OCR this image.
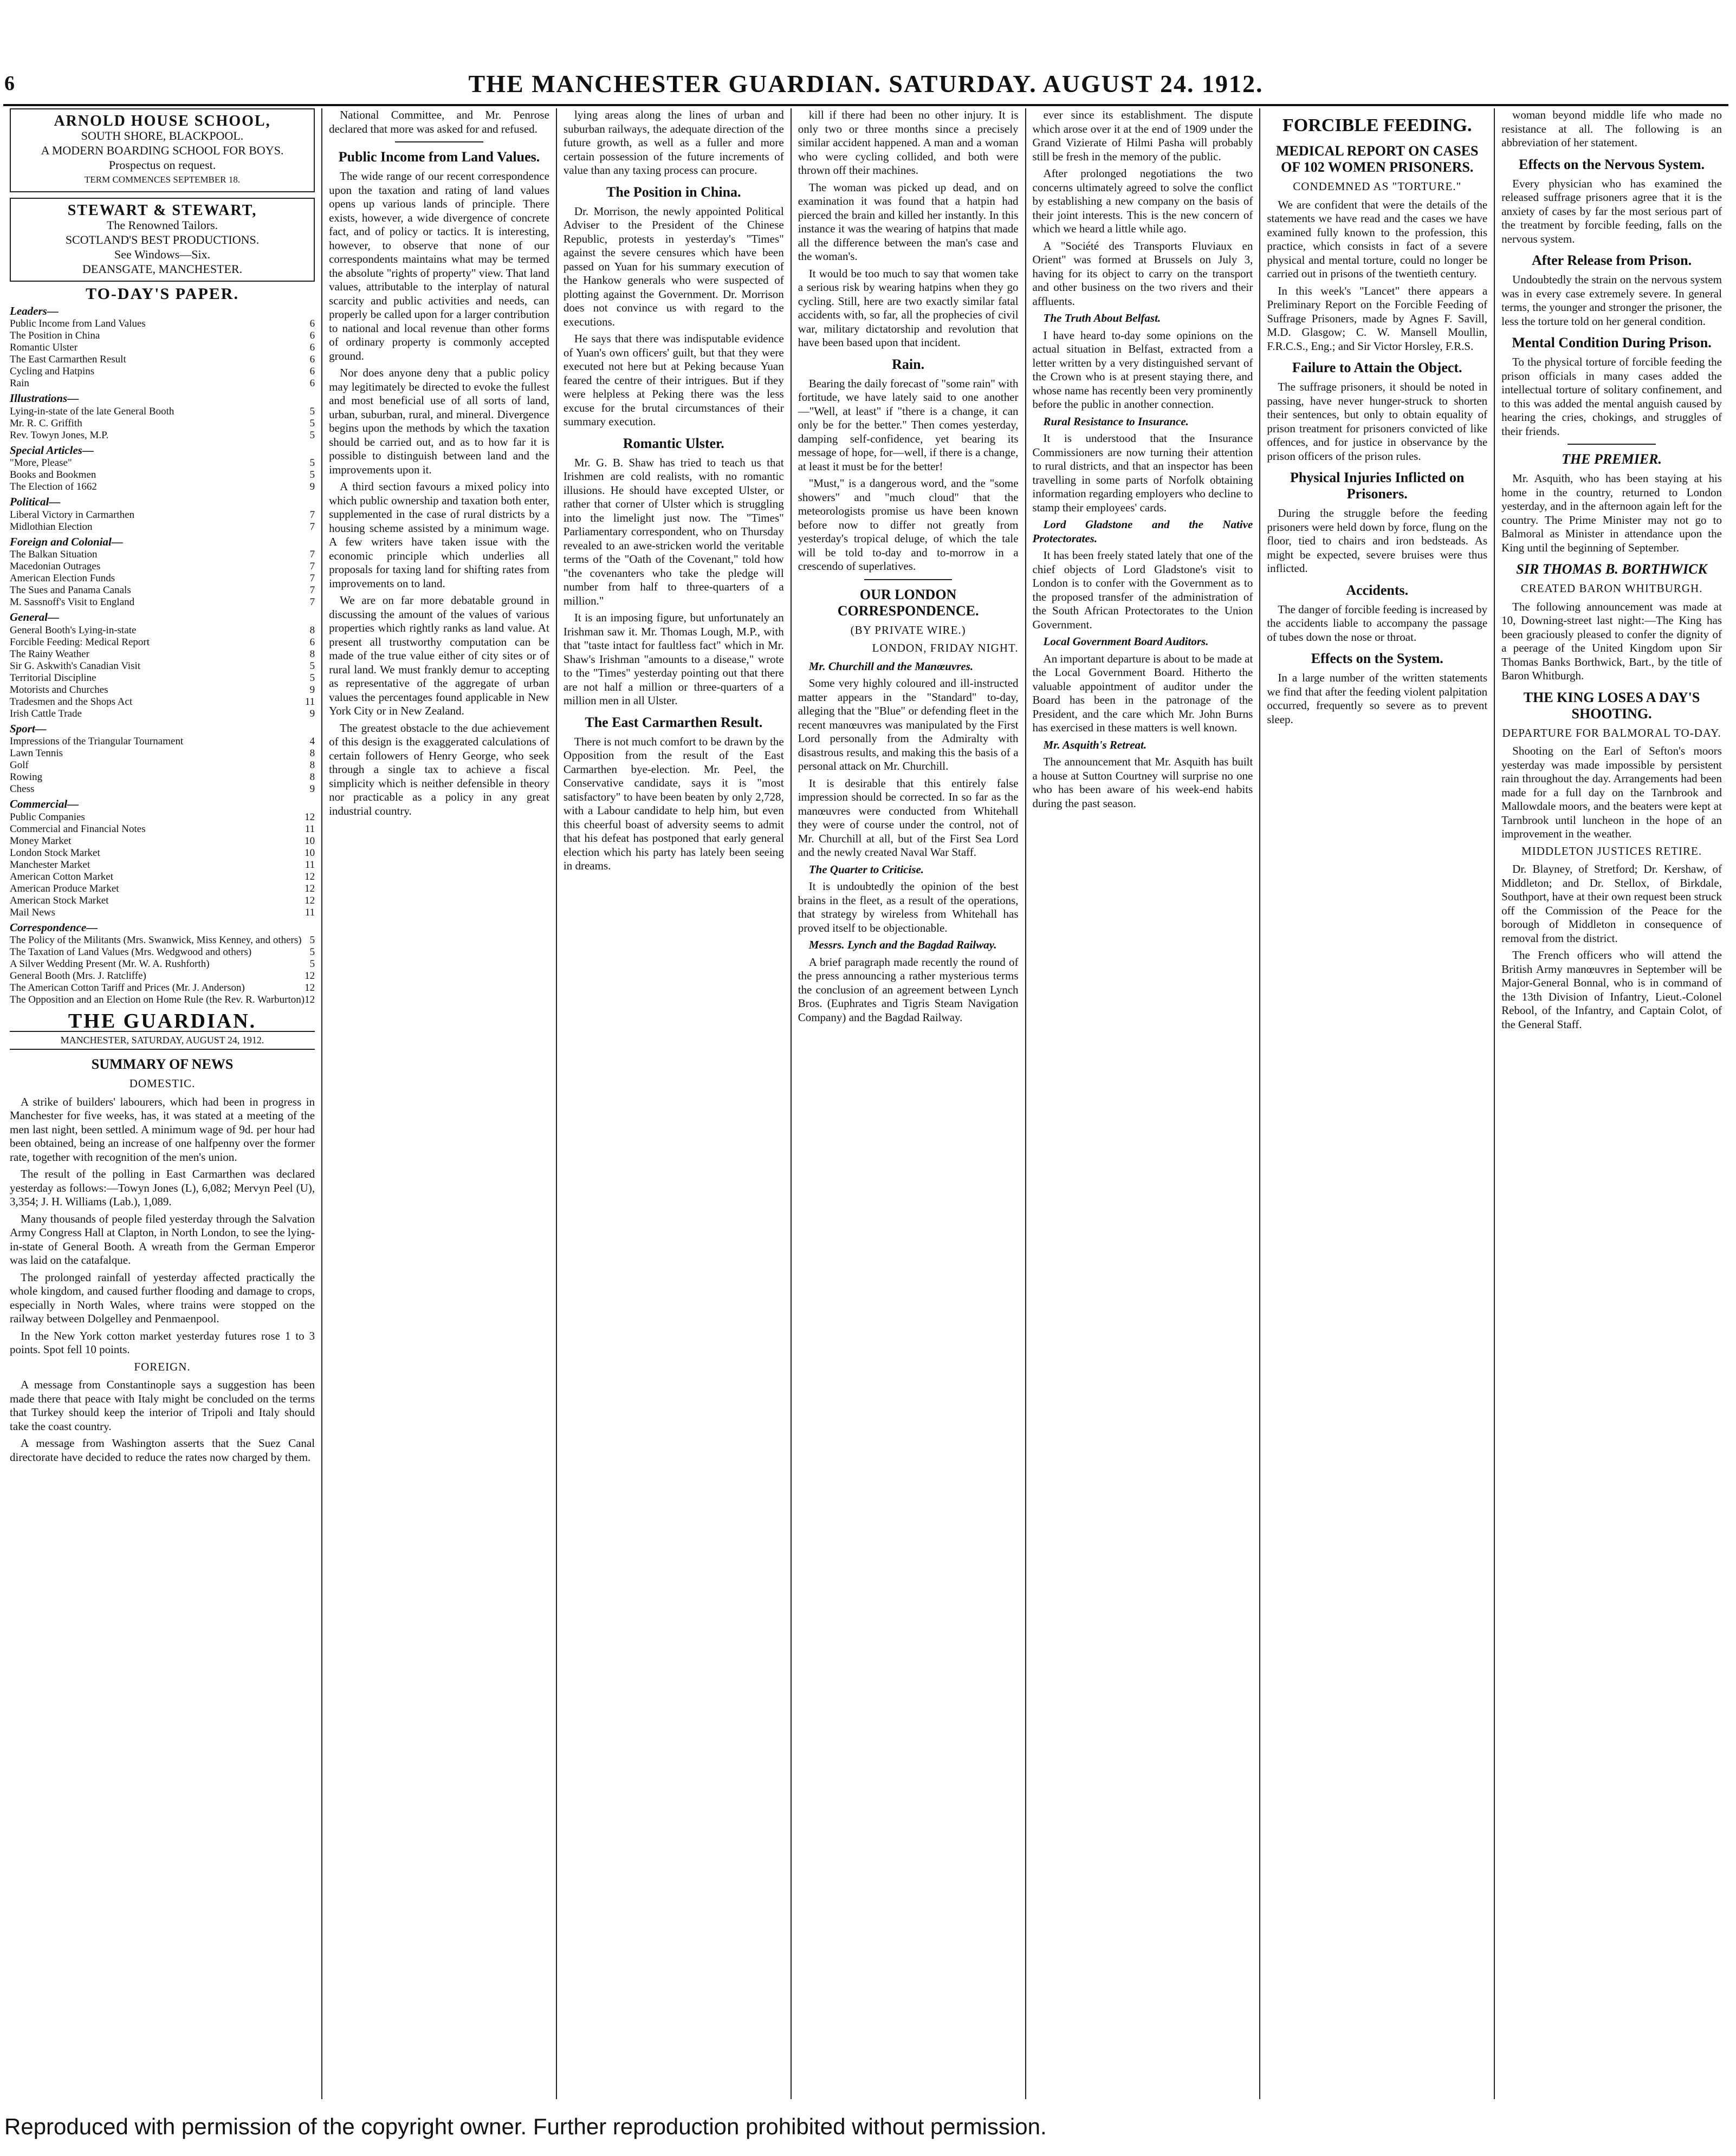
6	THE MANCHESTER GUARDIAN. SATURDAY. AUGUST 24. 1912.
ARNOLD HOUSE SCHOOL,
SOUTH SHORE, BLACKPOOL.
A MODERN BOARDING SCHOOL FOR BOYS.
Prospectus on request.
TERM COMMENCES SEPTEMBER 18.
STEWART & STEWART,
The Renowned Tailors.
SCOTLAND'S BEST PRODUCTIONS.
See Windows—Six.
DEANSGATE, MANCHESTER.
TO-DAY'S PAPER.
Leaders—
Public Income from Land Values	6
The Position in China	6
Romantic Ulster	6
The East Carmarthen Result	6
Cycling and Hatpins	6
Rain	6
Illustrations—
Lying-in-state of the late General Booth	5
Mr. R. C. Griffith	5
Rev. Towyn Jones, M.P.	5
Special Articles—
"More, Please"	5
Books and Bookmen	5
The Election of 1662	9
Political—
Liberal Victory in Carmarthen	7
Midlothian Election	7
Foreign and Colonial—
The Balkan Situation	7
Macedonian Outrages	7
American Election Funds	7
The Sues and Panama Canals	7
M. Sassnoff's Visit to England	7
General—
General Booth's Lying-in-state	8
Forcible Feeding: Medical Report	6
The Rainy Weather	8
Sir G. Askwith's Canadian Visit	5
Territorial Discipline	5
Motorists and Churches	9
Tradesmen and the Shops Act	11
Irish Cattle Trade	9
Sport—
Impressions of the Triangular Tournament	4
Lawn Tennis	8
Golf	8
Rowing	8
Chess	9
Commercial—
Public Companies	12
Commercial and Financial Notes	11
Money Market	10
London Stock Market	10
Manchester Market	11
American Cotton Market	12
American Produce Market	12
American Stock Market	12
Mail News	11
Correspondence—
The Policy of the Militants (Mrs. Swanwick, Miss Kenney, and others) 5
The Taxation of Land Values (Mrs. Wedgwood and others)	5
A Silver Wedding Present (Mr. W. A. Rushforth)	5
General Booth (Mrs. J. Ratcliffe)	12
The American Cotton Tariff and Prices (Mr. J. Anderson)	12
The Opposition and an Election on Home Rule (the Rev. R. Warburton) 12
THE GUARDIAN.
MANCHESTER, SATURDAY, AUGUST 24, 1912.
SUMMARY OF NEWS
DOMESTIC.

A strike of builders' labourers, which had been in progress in Manchester for five weeks, has, it was stated at a meeting of the men last night, been settled. A minimum wage of 9d. per hour had been obtained, being an increase of one halfpenny over the former rate, together with recognition of the men's union.

The result of the polling in East Carmarthen was declared yesterday as follows:—Towyn Jones (L), 6,082; Mervyn Peel (U), 3,354; J. H. Williams (Lab.), 1,089.

Many thousands of people filed yesterday through the Salvation Army Congress Hall at Clapton, in North London, to see the lying-in-state of General Booth. A wreath from the German Emperor was laid on the catafalque.

The prolonged rainfall of yesterday affected practically the whole kingdom, and caused further flooding and damage to crops, especially in North Wales, where trains were stopped on the railway between Dolgelley and Penmaenpool.

In the New York cotton market yesterday futures rose 1 to 3 points. Spot fell 10 points.

FOREIGN.

A message from Constantinople says a suggestion has been made there that peace with Italy might be concluded on the terms that Turkey should keep the interior of Tripoli and Italy should take the coast country.

A message from Washington asserts that the Suez Canal directorate have decided to reduce the rates now charged by them.

National Committee, and Mr. Penrose declared that more was asked for and refused.

Public Income from Land Values.

The wide range of our recent correspondence upon the taxation and rating of land values opens up various lands of principle. There exists, however, a wide divergence of concrete fact, and of policy or tactics. It is interesting, however, to observe that none of our correspondents maintains what may be termed the absolute "rights of property" view. That land values, attributable to the interplay of natural scarcity and public activities and needs, can properly be called upon for a larger contribution to national and local revenue than other forms of ordinary property is commonly accepted ground.

Nor does anyone deny that a public policy may legitimately be directed to evoke the fullest and most beneficial use of all sorts of land, urban, suburban, rural, and mineral. Divergence begins upon the methods by which the taxation should be carried out, and as to how far it is possible to distinguish between land and the improvements upon it.

A third section favours a mixed policy into which public ownership and taxation both enter, supplemented in the case of rural districts by a housing scheme assisted by a minimum wage. A few writers have taken issue with the economic principle which underlies all proposals for taxing land for shifting rates from improvements on to land.

We are on far more debatable ground in discussing the amount of the values of various properties which rightly ranks as land value. At present all trustworthy computation can be made of the true value either of city sites or of rural land. We must frankly demur to accepting as representative of the aggregate of urban values the percentages found applicable in New York City or in New Zealand.

The greatest obstacle to the due achievement of this design is the exaggerated calculations of certain followers of Henry George, who seek through a single tax to achieve a fiscal simplicity which is neither defensible in theory nor practicable as a policy in any great industrial country.

lying areas along the lines of urban and suburban railways, the adequate direction of the future growth, as well as a fuller and more certain possession of the future increments of value than any taxing process can procure.

The Position in China.

Dr. Morrison, the newly appointed Political Adviser to the President of the Chinese Republic, protests in yesterday's "Times" against the severe censures which have been passed on Yuan for his summary execution of the Hankow generals who were suspected of plotting against the Government. Dr. Morrison does not convince us with regard to the executions.

He says that there was indisputable evidence of Yuan's own officers' guilt, but that they were executed not here but at Peking because Yuan feared the centre of their intrigues. But if they were helpless at Peking there was the less excuse for the brutal circumstances of their summary execution.

Romantic Ulster.

Mr. G. B. Shaw has tried to teach us that Irishmen are cold realists, with no romantic illusions. He should have excepted Ulster, or rather that corner of Ulster which is struggling into the limelight just now. The "Times" Parliamentary correspondent, who on Thursday revealed to an awe-stricken world the veritable terms of the "Oath of the Covenant," told how "the covenanters who take the pledge will number from half to three-quarters of a million."

It is an imposing figure, but unfortunately an Irishman saw it. Mr. Thomas Lough, M.P., with that "taste intact for faultless fact" which in Mr. Shaw's Irishman "amounts to a disease," wrote to the "Times" yesterday pointing out that there are not half a million or three-quarters of a million men in all Ulster.

The East Carmarthen Result.

There is not much comfort to be drawn by the Opposition from the result of the East Carmarthen bye-election. Mr. Peel, the Conservative candidate, says it is "most satisfactory" to have been beaten by only 2,728, with a Labour candidate to help him, but even this cheerful boast of adversity seems to admit that his defeat has postponed that early general election which his party has lately been seeing in dreams.

kill if there had been no other injury. It is only two or three months since a precisely similar accident happened. A man and a woman who were cycling collided, and both were thrown off their machines.

The woman was picked up dead, and on examination it was found that a hatpin had pierced the brain and killed her instantly. In this instance it was the wearing of hatpins that made all the difference between the man's case and the woman's.

It would be too much to say that women take a serious risk by wearing hatpins when they go cycling. Still, here are two exactly similar fatal accidents with, so far, all the prophecies of civil war, military dictatorship and revolution that have been based upon that incident.

Rain.

Bearing the daily forecast of "some rain" with fortitude, we have lately said to one another—"Well, at least" if "there is a change, it can only be for the better." Then comes yesterday, damping self-confidence, yet bearing its message of hope, for—well, if there is a change, at least it must be for the better!

"Must," is a dangerous word, and the "some showers" and "much cloud" that the meteorologists promise us have been known before now to differ not greatly from yesterday's tropical deluge, of which the tale will be told to-day and to-morrow in a crescendo of superlatives.

OUR LONDON CORRESPONDENCE.
(BY PRIVATE WIRE.)
LONDON, FRIDAY NIGHT.

Mr. Churchill and the Manœuvres.

Some very highly coloured and ill-instructed matter appears in the "Standard" to-day, alleging that the "Blue" or defending fleet in the recent manœuvres was manipulated by the First Lord personally from the Admiralty with disastrous results, and making this the basis of a personal attack on Mr. Churchill.

It is desirable that this entirely false impression should be corrected. In so far as the manœuvres were conducted from Whitehall they were of course under the control, not of Mr. Churchill at all, but of the First Sea Lord and the newly created Naval War Staff.

The Quarter to Criticise.

It is undoubtedly the opinion of the best brains in the fleet, as a result of the operations, that strategy by wireless from Whitehall has proved itself to be objectionable.

Messrs. Lynch and the Bagdad Railway.

A brief paragraph made recently the round of the press announcing a rather mysterious terms the conclusion of an agreement between Lynch Bros. (Euphrates and Tigris Steam Navigation Company) and the Bagdad Railway.

ever since its establishment. The dispute which arose over it at the end of 1909 under the Grand Vizierate of Hilmi Pasha will probably still be fresh in the memory of the public.

After prolonged negotiations the two concerns ultimately agreed to solve the conflict by establishing a new company on the basis of their joint interests. This is the new concern of which we heard a little while ago.

A "Société des Transports Fluviaux en Orient" was formed at Brussels on July 3, having for its object to carry on the transport and other business on the two rivers and their affluents.

The Truth About Belfast.

I have heard to-day some opinions on the actual situation in Belfast, extracted from a letter written by a very distinguished servant of the Crown who is at present staying there, and whose name has recently been very prominently before the public in another connection.

Rural Resistance to Insurance.

It is understood that the Insurance Commissioners are now turning their attention to rural districts, and that an inspector has been travelling in some parts of Norfolk obtaining information regarding employers who decline to stamp their employees' cards.

Lord Gladstone and the Native Protectorates.

It has been freely stated lately that one of the chief objects of Lord Gladstone's visit to London is to confer with the Government as to the proposed transfer of the administration of the South African Protectorates to the Union Government.

Local Government Board Auditors.

An important departure is about to be made at the Local Government Board. Hitherto the valuable appointment of auditor under the Board has been in the patronage of the President, and the care which Mr. John Burns has exercised in these matters is well known.

Mr. Asquith's Retreat.

The announcement that Mr. Asquith has built a house at Sutton Courtney will surprise no one who has been aware of his week-end habits during the past season.

FORCIBLE FEEDING.
MEDICAL REPORT ON CASES OF 102 WOMEN PRISONERS.
CONDEMNED AS "TORTURE."

We are confident that were the details of the statements we have read and the cases we have examined fully known to the profession, this practice, which consists in fact of a severe physical and mental torture, could no longer be carried out in prisons of the twentieth century.

In this week's "Lancet" there appears a Preliminary Report on the Forcible Feeding of Suffrage Prisoners, made by Agnes F. Savill, M.D. Glasgow; C. W. Mansell Moullin, F.R.C.S., Eng.; and Sir Victor Horsley, F.R.S.

Failure to Attain the Object.

The suffrage prisoners, it should be noted in passing, have never hunger-struck to shorten their sentences, but only to obtain equality of prison treatment for prisoners convicted of like offences, and for justice in observance by the prison officers of the prison rules.

Physical Injuries Inflicted on Prisoners.

During the struggle before the feeding prisoners were held down by force, flung on the floor, tied to chairs and iron bedsteads. As might be expected, severe bruises were thus inflicted.

Accidents.

The danger of forcible feeding is increased by the accidents liable to accompany the passage of tubes down the nose or throat.

Effects on the System.

In a large number of the written statements we find that after the feeding violent palpitation occurred, frequently so severe as to prevent sleep.

woman beyond middle life who made no resistance at all. The following is an abbreviation of her statement.

Effects on the Nervous System.

Every physician who has examined the released suffrage prisoners agree that it is the anxiety of cases by far the most serious part of the treatment by forcible feeding, falls on the nervous system.

After Release from Prison.

Undoubtedly the strain on the nervous system was in every case extremely severe. In general terms, the younger and stronger the prisoner, the less the torture told on her general condition.

Mental Condition During Prison.

To the physical torture of forcible feeding the prison officials in many cases added the intellectual torture of solitary confinement, and to this was added the mental anguish caused by hearing the cries, chokings, and struggles of their friends.

THE PREMIER.

Mr. Asquith, who has been staying at his home in the country, returned to London yesterday, and in the afternoon again left for the country. The Prime Minister may not go to Balmoral as Minister in attendance upon the King until the beginning of September.

SIR THOMAS B. BORTHWICK
CREATED BARON WHITBURGH.

The following announcement was made at 10, Downing-street last night:—The King has been graciously pleased to confer the dignity of a peerage of the United Kingdom upon Sir Thomas Banks Borthwick, Bart., by the title of Baron Whitburgh.

THE KING LOSES A DAY'S SHOOTING.
DEPARTURE FOR BALMORAL TO-DAY.

Shooting on the Earl of Sefton's moors yesterday was made impossible by persistent rain throughout the day. Arrangements had been made for a full day on the Tarnbrook and Mallowdale moors, and the beaters were kept at Tarnbrook until luncheon in the hope of an improvement in the weather.

MIDDLETON JUSTICES RETIRE.

Dr. Blayney, of Stretford; Dr. Kershaw, of Middleton; and Dr. Stellox, of Birkdale, Southport, have at their own request been struck off the Commission of the Peace for the borough of Middleton in consequence of removal from the district.

The French officers who will attend the British Army manœuvres in September will be Major-General Bonnal, who is in command of the 13th Division of Infantry, Lieut.-Colonel Rebool, of the Infantry, and Captain Colot, of the General Staff.

Reproduced with permission of the copyright owner. Further reproduction prohibited without permission.
